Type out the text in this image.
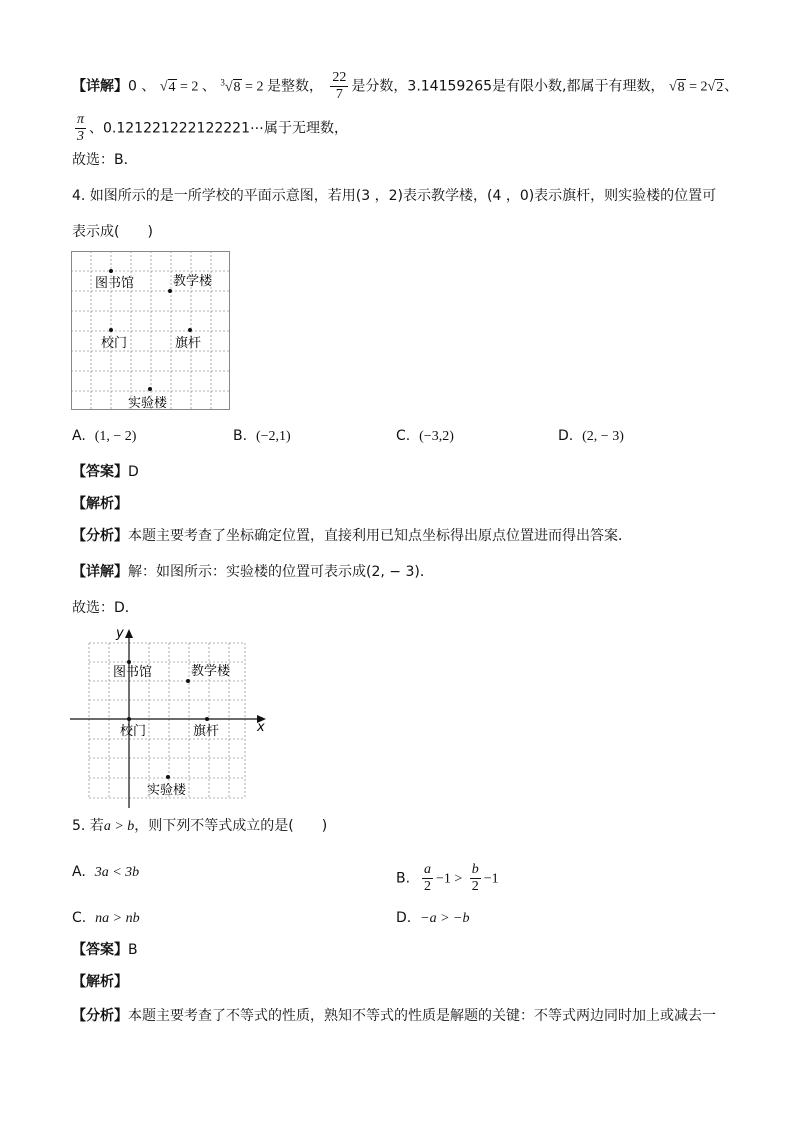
【详解】0 、 √4 = 2 、 $^3$√8 = 2 是整数， $\frac{22}{7}$ 是分数，3.14159265是有限小数,都属于有理数， √8 = 2√2、
$\frac{\pi}{3}$ 、0.121221222122221⋯属于无理数，
故选：B．
4. 如图所示的是一所学校的平面示意图，若用(3 ，2)表示教学楼，(4 ，0)表示旗杆，则实验楼的位置可
表示成(　　)
图书馆	教学楼
校门	旗杆
实验楼
A. (1, − 2)	B. (−2,1)	C. (−3,2)	D. (2, − 3)
【答案】D
【解析】
【分析】本题主要考查了坐标确定位置，直接利用已知点坐标得出原点位置进而得出答案．
【详解】解：如图所示：实验楼的位置可表示成(2, − 3)．
故选：D．
x
y
图书馆	教学楼
校门	旗杆
实验楼
5. 若a > b，则下列不等式成立的是(　　)
A. 3a < 3b	B. $\frac{a}{2} -1 > \frac{b}{2} -1$
C. na > nb	D. −a > −b
【答案】B
【解析】
【分析】本题主要考查了不等式的性质，熟知不等式的性质是解题的关键：不等式两边同时加上或减去一
